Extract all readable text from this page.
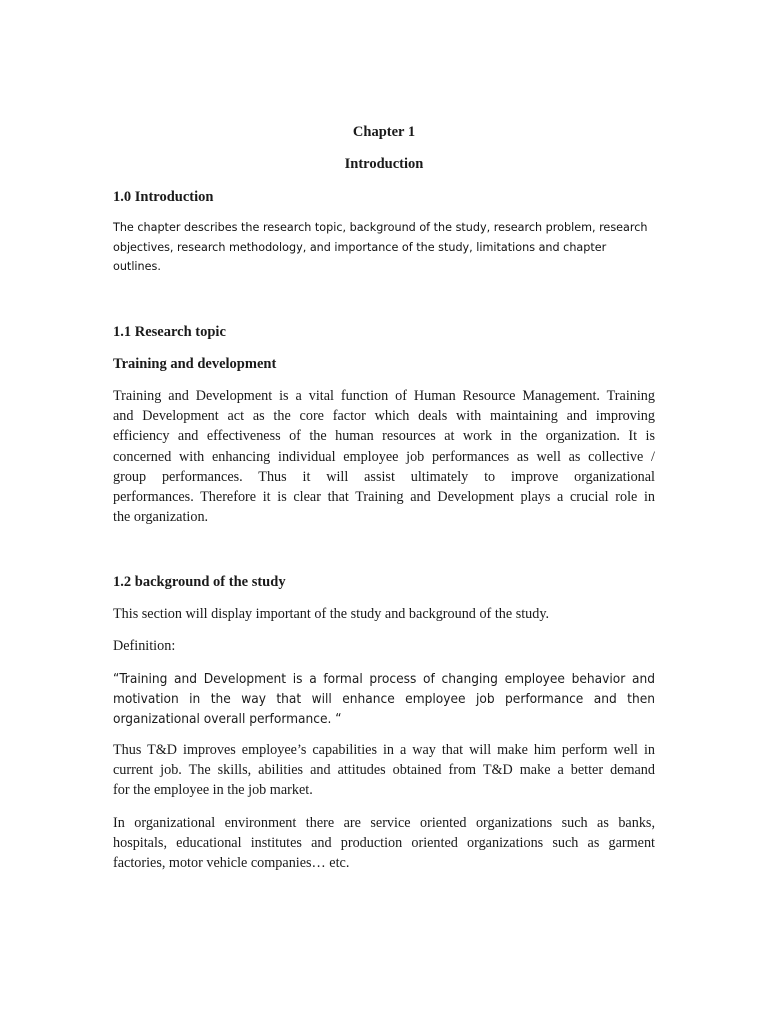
Chapter 1

Introduction

1.0 Introduction

The chapter describes the research topic, background of the study, research problem, research
objectives, research methodology, and importance of the study, limitations and chapter
outlines.

1.1 Research topic

Training and development

Training and Development is a vital function of Human Resource Management. Training
and Development act as the core factor which deals with maintaining and improving
efficiency and effectiveness of the human resources at work in the organization. It is
concerned with enhancing individual employee job performances as well as collective /
group performances. Thus it will assist ultimately to improve organizational
performances. Therefore it is clear that Training and Development plays a crucial role in
the organization.

1.2 background of the study

This section will display important of the study and background of the study.

Definition:

“Training and Development is a formal process of changing employee behavior and
motivation in the way that will enhance employee job performance and then
organizational overall performance. “
Thus T&D improves employee’s capabilities in a way that will make him perform well in
current job. The skills, abilities and attitudes obtained from T&D make a better demand
for the employee in the job market.
In organizational environment there are service oriented organizations such as banks,
hospitals, educational institutes and production oriented organizations such as garment
factories, motor vehicle companies… etc.
